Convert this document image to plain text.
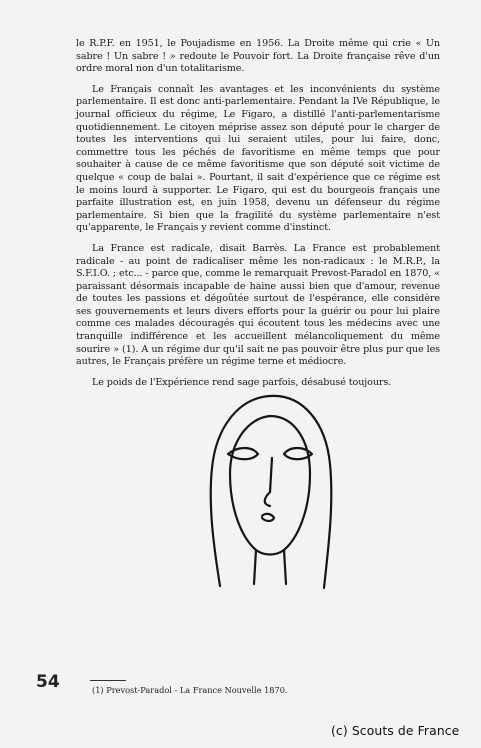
le R.P.F. en 1951, le Poujadisme en 1956. La Droite même qui crie « Un sabre ! Un sabre ! » redoute le Pouvoir fort. La Droite française rêve d'un ordre moral non d'un totalitarisme.

Le Français connaît les avantages et les inconvénients du système parlementaire. Il est donc anti-parlementaire. Pendant la IVe République, le journal officieux du régime, Le Figaro, a distillé l'anti-parlementarisme quotidiennement. Le citoyen méprise assez son député pour le charger de toutes les interventions qui lui seraient utiles, pour lui faire, donc, commettre tous les péchés de favoritisme en même temps que pour souhaiter à cause de ce même favoritisme que son député soit victime de quelque « coup de balai ». Pourtant, il sait d'expérience que ce régime est le moins lourd à supporter. Le Figaro, qui est du bourgeois français une parfaite illustration est, en juin 1958, devenu un défenseur du régime parlementaire. Si bien que la fragilité du système parlementaire n'est qu'apparente, le Français y revient comme d'instinct.

La France est radicale, disait Barrès. La France est probablement radicale - au point de radicaliser même les non-radicaux : le M.R.P., la S.F.I.O. ; etc... - parce que, comme le remarquait Prevost-Paradol en 1870, « paraissant désormais incapable de haine aussi bien que d'amour, revenue de toutes les passions et dégoûtée surtout de l'espérance, elle considère ses gouvernements et leurs divers efforts pour la guérir ou pour lui plaire comme ces malades découragés qui écoutent tous les médecins avec une tranquille indifférence et les accueillent mélancoliquement du même sourire » (1). A un régime dur qu'il sait ne pas pouvoir être plus pur que les autres, le Français préfère un régime terne et médiocre.

Le poids de l'Expérience rend sage parfois, désabusé toujours.

54	(1) Prevost-Paradol - La France Nouvelle 1870.
(c) Scouts de France
